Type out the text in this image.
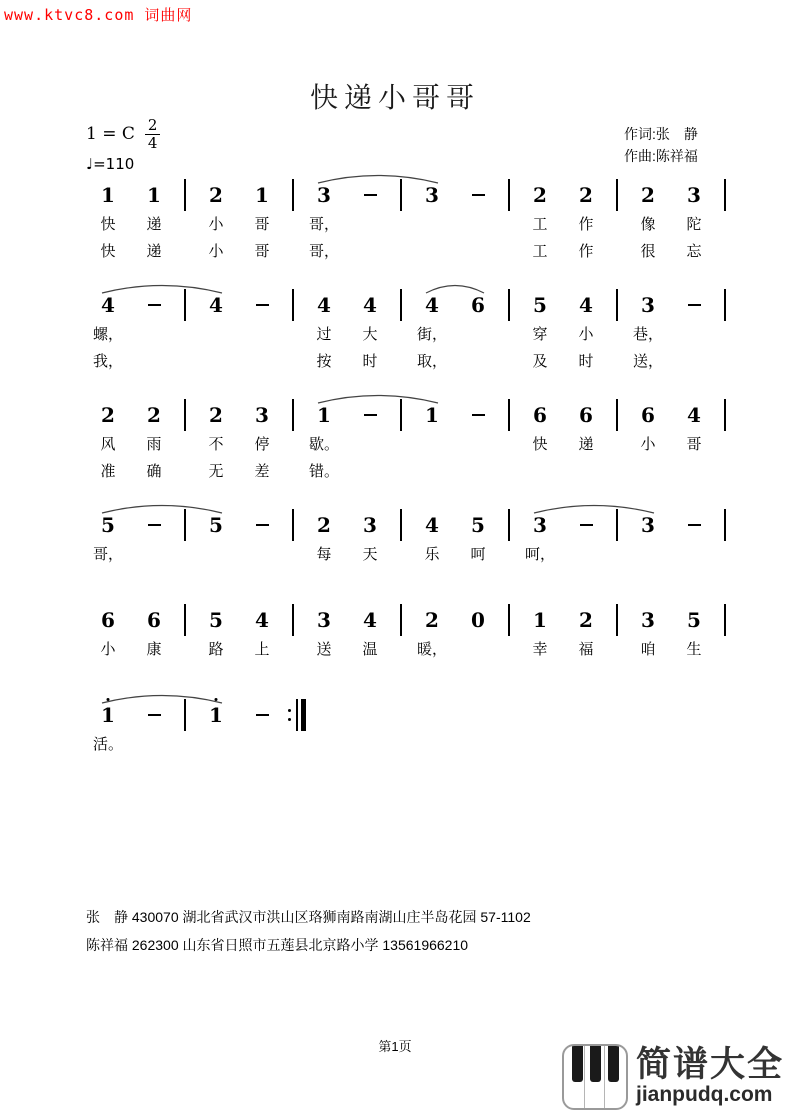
www.ktvc8.com 词曲网
快递小哥哥
1 = C $\frac{2}{4}$
♩=110
作词:张　静
作曲:陈祥福
1
快
快
1
递
递
2
小
小
1
哥
哥
3
哥，
哥，
3	2
工
工
2
作
作
2
像
很
3
陀
忘
4
螺，
我，
4	4
过
按
4
大
时
4
街，
取，
6 5
穿
及
4
小
时
3
巷，
送，
2
风
准
2
雨
确
2
不
无
3
停
差
1
歇。
错。
1	6
快
6
递
6
小
4
哥
5
哥，
5	2
每
3
天
4
乐
5
呵
3
呵，
3
6
小
6
康
5
路
4
上
3
送
4
温
2
暖，
0 1
幸
2
福
3
咱
5
生
1
活。
1
张　静 430070 湖北省武汉市洪山区珞狮南路南湖山庄半岛花园 57-1102
陈祥福 262300 山东省日照市五莲县北京路小学 13561966210
第1页	简谱大全
jianpudq.com
